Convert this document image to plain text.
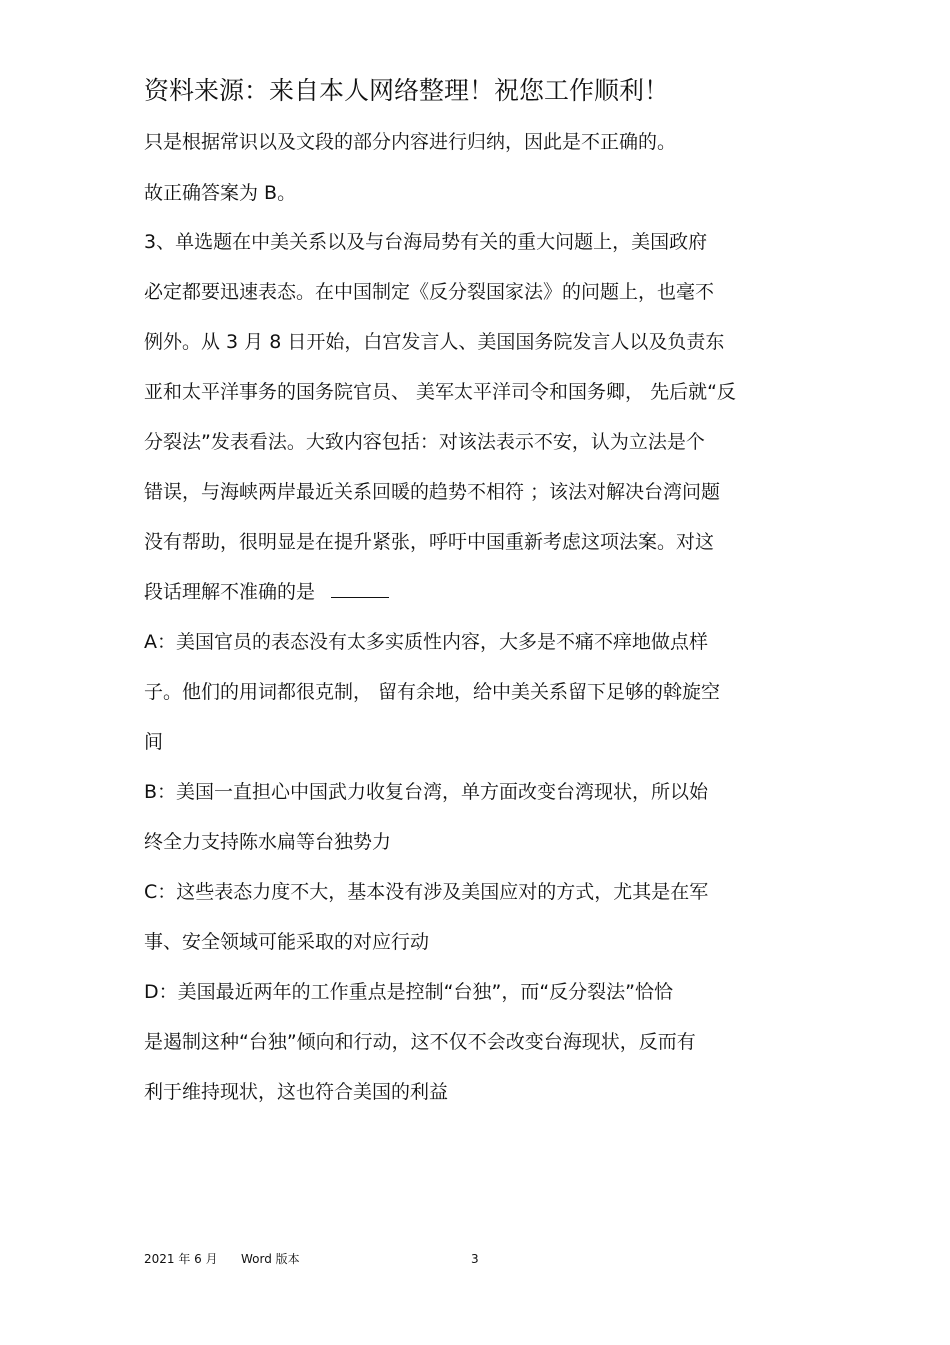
资料来源：来自本人网络整理！祝您工作顺利！
只是根据常识以及文段的部分内容进行归纳，因此是不正确的。
故正确答案为 B。
3、单选题在中美关系以及与台海局势有关的重大问题上，美国政府
必定都要迅速表态。在中国制定《反分裂国家法》的问题上，也毫不
例外。从 3 月 8 日开始，白宫发言人、美国国务院发言人以及负责东
亚和太平洋事务的国务院官员、 美军太平洋司令和国务卿， 先后就“反
分裂法”发表看法。大致内容包括：对该法表示不安，认为立法是个
错误，与海峡两岸最近关系回暖的趋势不相符 ；该法对解决台湾问题
没有帮助，很明显是在提升紧张，呼吁中国重新考虑这项法案。对这
段话理解不准确的是
A：美国官员的表态没有太多实质性内容，大多是不痛不痒地做点样
子。他们的用词都很克制， 留有余地，给中美关系留下足够的斡旋空
间
B：美国一直担心中国武力收复台湾，单方面改变台湾现状，所以始
终全力支持陈水扁等台独势力
C：这些表态力度不大，基本没有涉及美国应对的方式，尤其是在军
事、安全领域可能采取的对应行动
D：美国最近两年的工作重点是控制“台独”，而“反分裂法”恰恰
是遏制这种“台独”倾向和行动，这不仅不会改变台海现状，反而有
利于维持现状，这也符合美国的利益
2021 年 6 月 Word 版本	3
